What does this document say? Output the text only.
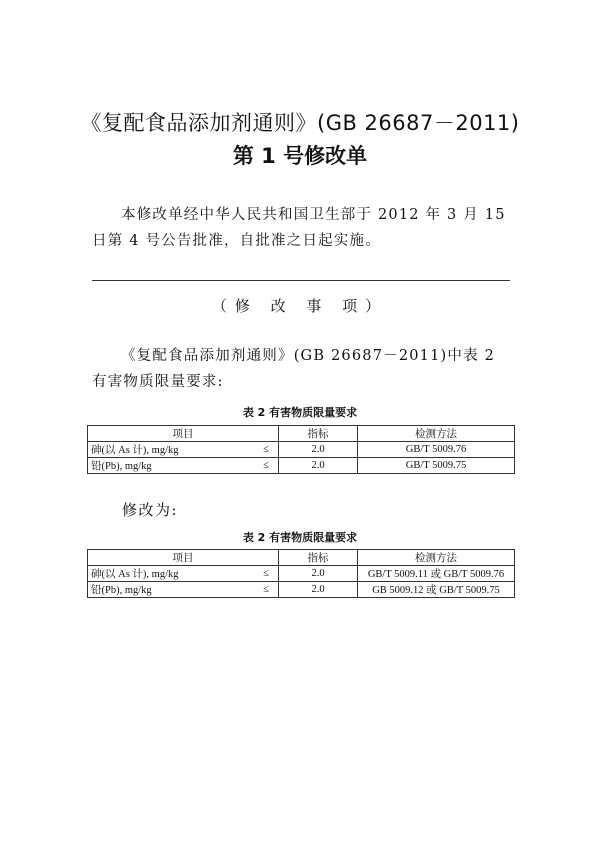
《复配食品添加剂通则》(GB 26687－2011)
第 1 号修改单
本修改单经中华人民共和国卫生部于 2012 年 3 月 15 日第 4 号公告批准，自批准之日起实施。
（修 改 事 项）
《复配食品添加剂通则》(GB 26687－2011)中表 2 有害物质限量要求:
表 2 有害物质限量要求
项目		指标	检测方法
砷(以 As 计), mg/kg	≤	2.0	GB/T 5009.76
铅(Pb), mg/kg	≤	2.0	GB/T 5009.75
修改为:
表 2 有害物质限量要求
项目		指标	检测方法
砷(以 As 计), mg/kg	≤	2.0	GB/T 5009.11 或 GB/T 5009.76
铅(Pb), mg/kg	≤	2.0	GB 5009.12 或 GB/T 5009.75
